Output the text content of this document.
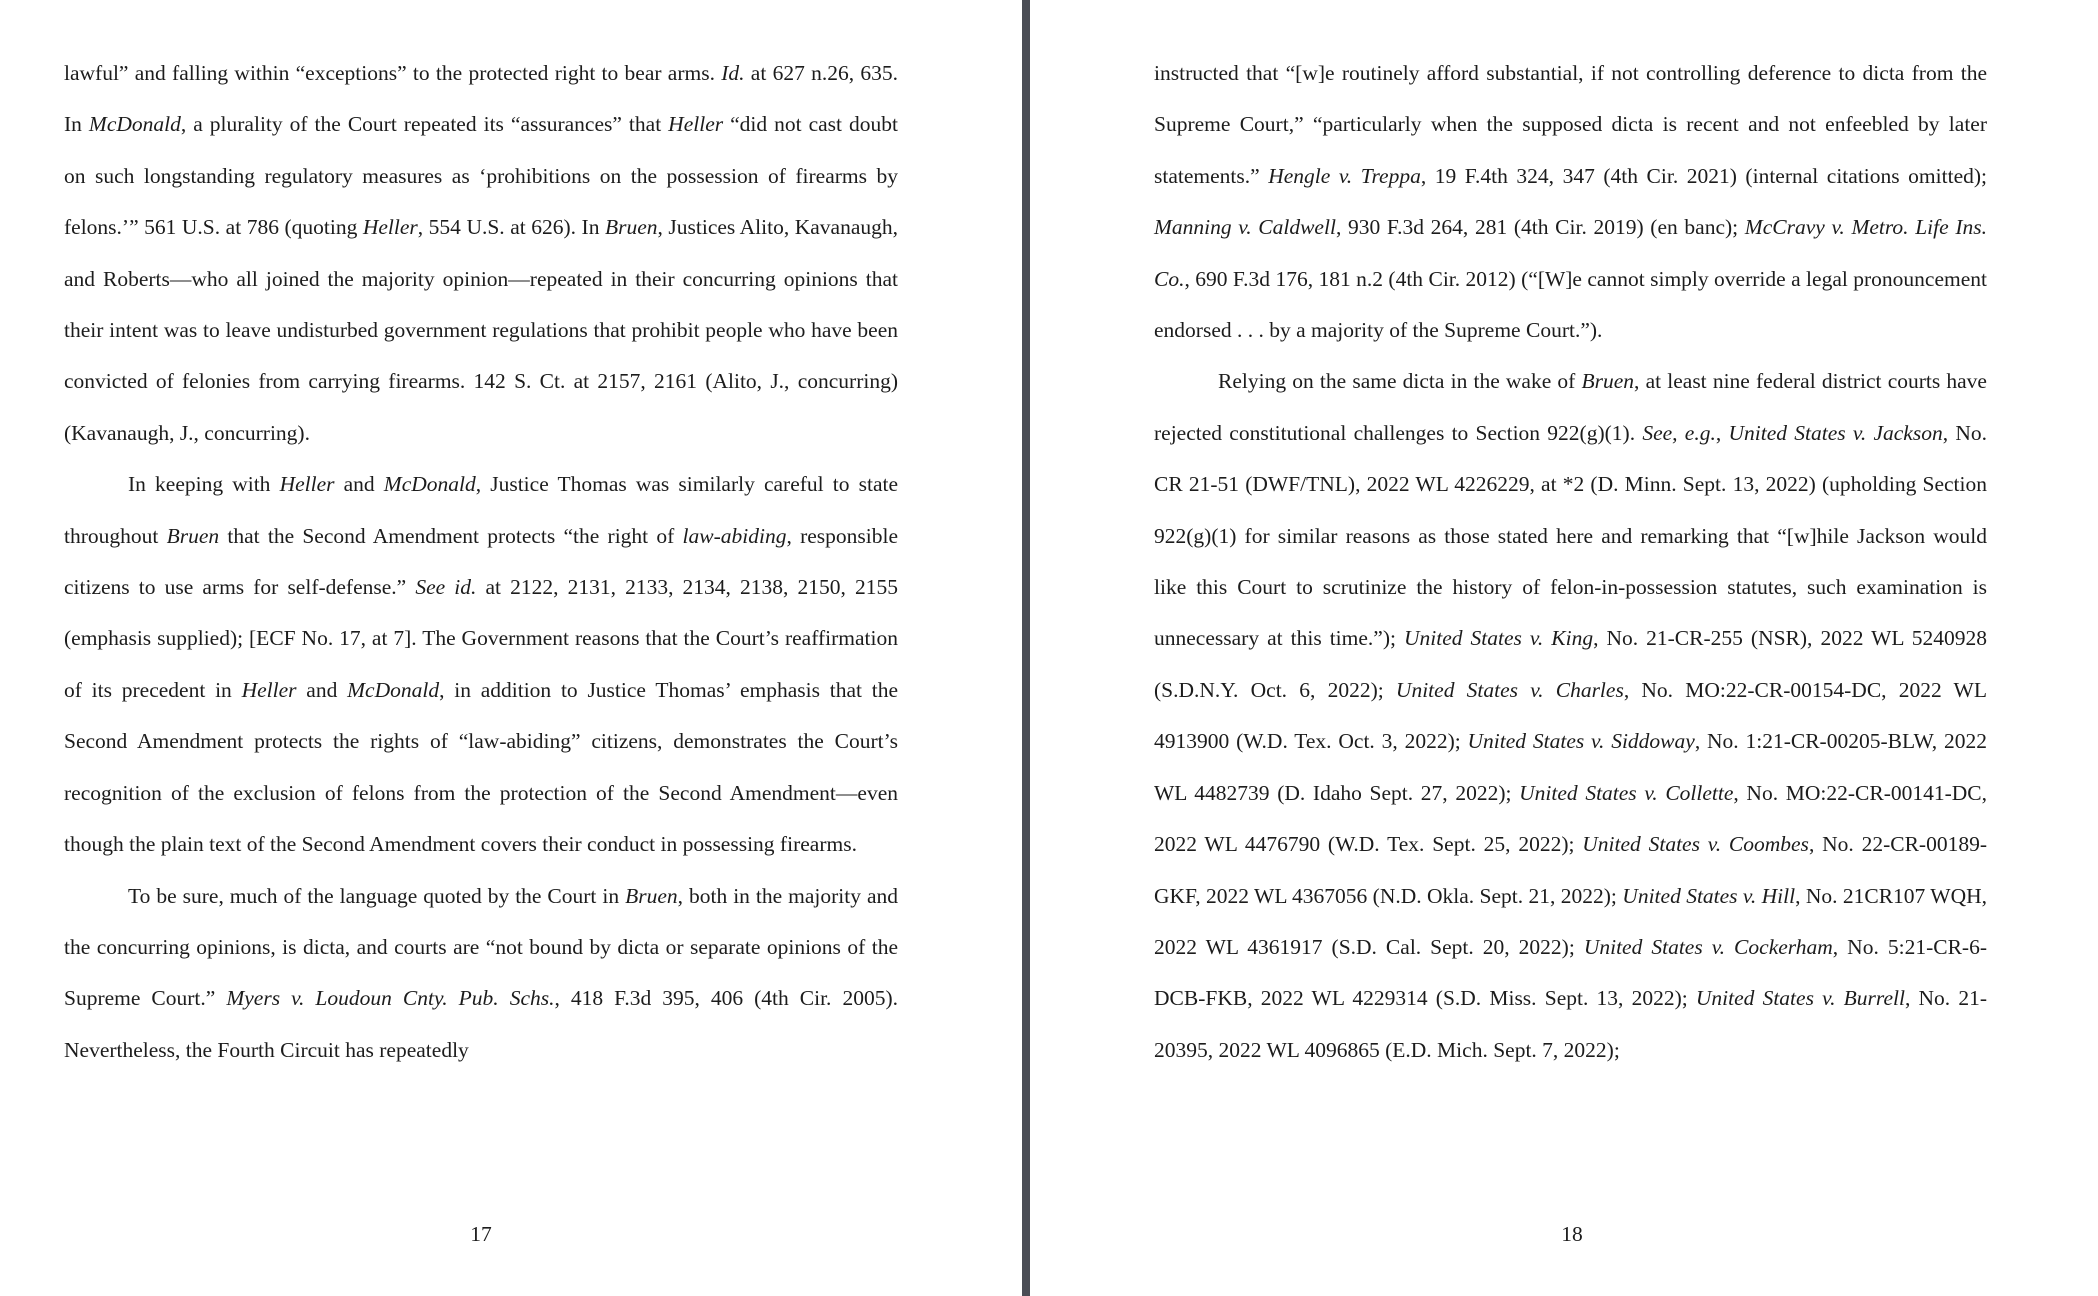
lawful” and falling within “exceptions” to the protected right to bear arms. Id. at 627 n.26, 635. In McDonald, a plurality of the Court repeated its “assurances” that Heller “did not cast doubt on such longstanding regulatory measures as ‘prohibitions on the possession of firearms by felons.’” 561 U.S. at 786 (quoting Heller, 554 U.S. at 626). In Bruen, Justices Alito, Kavanaugh, and Roberts—who all joined the majority opinion—repeated in their concurring opinions that their intent was to leave undisturbed government regulations that prohibit people who have been convicted of felonies from carrying firearms. 142 S. Ct. at 2157, 2161 (Alito, J., concurring) (Kavanaugh, J., concurring).

In keeping with Heller and McDonald, Justice Thomas was similarly careful to state throughout Bruen that the Second Amendment protects “the right of law-abiding, responsible citizens to use arms for self-defense.” See id. at 2122, 2131, 2133, 2134, 2138, 2150, 2155 (emphasis supplied); [ECF No. 17, at 7]. The Government reasons that the Court’s reaffirmation of its precedent in Heller and McDonald, in addition to Justice Thomas’ emphasis that the Second Amendment protects the rights of “law-abiding” citizens, demonstrates the Court’s recognition of the exclusion of felons from the protection of the Second Amendment—even though the plain text of the Second Amendment covers their conduct in possessing firearms.

To be sure, much of the language quoted by the Court in Bruen, both in the majority and the concurring opinions, is dicta, and courts are “not bound by dicta or separate opinions of the Supreme Court.” Myers v. Loudoun Cnty. Pub. Schs., 418 F.3d 395, 406 (4th Cir. 2005). Nevertheless, the Fourth Circuit has repeatedly

17

instructed that “[w]e routinely afford substantial, if not controlling deference to dicta from the Supreme Court,” “particularly when the supposed dicta is recent and not enfeebled by later statements.” Hengle v. Treppa, 19 F.4th 324, 347 (4th Cir. 2021) (internal citations omitted); Manning v. Caldwell, 930 F.3d 264, 281 (4th Cir. 2019) (en banc); McCravy v. Metro. Life Ins. Co., 690 F.3d 176, 181 n.2 (4th Cir. 2012) (“[W]e cannot simply override a legal pronouncement endorsed . . . by a majority of the Supreme Court.”).

Relying on the same dicta in the wake of Bruen, at least nine federal district courts have rejected constitutional challenges to Section 922(g)(1). See, e.g., United States v. Jackson, No. CR 21-51 (DWF/TNL), 2022 WL 4226229, at *2 (D. Minn. Sept. 13, 2022) (upholding Section 922(g)(1) for similar reasons as those stated here and remarking that “[w]hile Jackson would like this Court to scrutinize the history of felon-in-possession statutes, such examination is unnecessary at this time.”); United States v. King, No. 21-CR-255 (NSR), 2022 WL 5240928 (S.D.N.Y. Oct. 6, 2022); United States v. Charles, No. MO:22-CR-00154-DC, 2022 WL 4913900 (W.D. Tex. Oct. 3, 2022); United States v. Siddoway, No. 1:21-CR-00205-BLW, 2022 WL 4482739 (D. Idaho Sept. 27, 2022); United States v. Collette, No. MO:22-CR-00141-DC, 2022 WL 4476790 (W.D. Tex. Sept. 25, 2022); United States v. Coombes, No. 22-CR-00189-GKF, 2022 WL 4367056 (N.D. Okla. Sept. 21, 2022); United States v. Hill, No. 21CR107 WQH, 2022 WL 4361917 (S.D. Cal. Sept. 20, 2022); United States v. Cockerham, No. 5:21-CR-6-DCB-FKB, 2022 WL 4229314 (S.D. Miss. Sept. 13, 2022); United States v. Burrell, No. 21-20395, 2022 WL 4096865 (E.D. Mich. Sept. 7, 2022);

18
